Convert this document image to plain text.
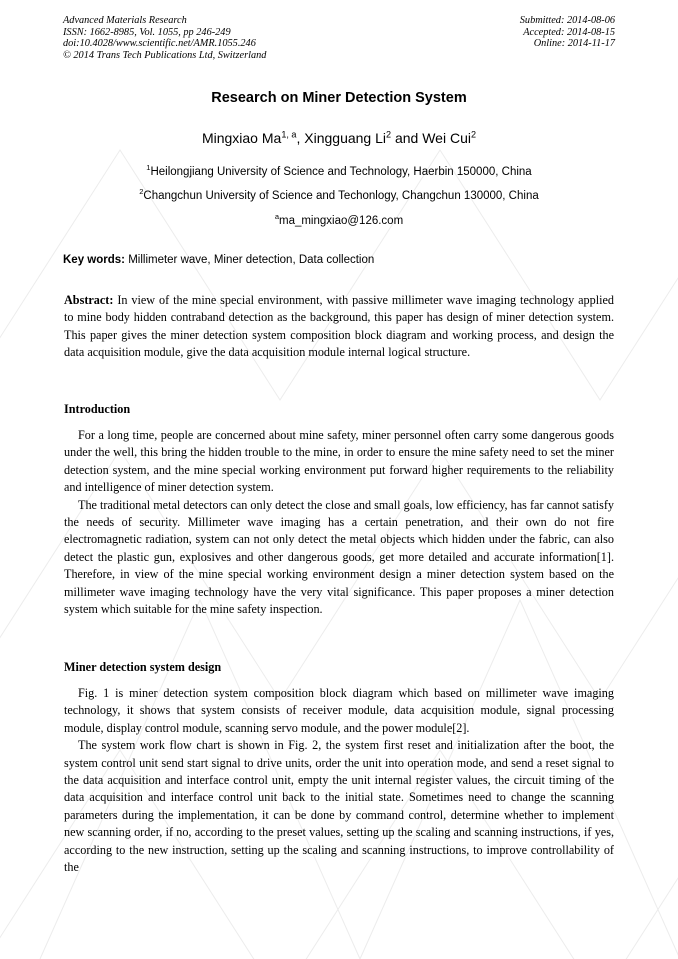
Advanced Materials Research
ISSN: 1662-8985, Vol. 1055, pp 246-249
doi:10.4028/www.scientific.net/AMR.1055.246
© 2014 Trans Tech Publications Ltd, Switzerland
Submitted: 2014-08-06
Accepted: 2014-08-15
Online: 2014-11-17
Research on Miner Detection System
Mingxiao Ma$^{1, a}$, Xingguang Li$^2$ and Wei Cui$^2$
$^1$Heilongjiang University of Science and Technology, Haerbin 150000, China
$^2$Changchun University of Science and Techonlogy, Changchun 130000, China
$^a$ma_mingxiao@126.com
Key words: Millimeter wave, Miner detection, Data collection
Abstract: In view of the mine special environment, with passive millimeter wave imaging technology applied to mine body hidden contraband detection as the background, this paper has design of miner detection system. This paper gives the miner detection system composition block diagram and working process, and design the data acquisition module, give the data acquisition module internal logical structure.
Introduction

For a long time, people are concerned about mine safety, miner personnel often carry some dangerous goods under the well, this bring the hidden trouble to the mine, in order to ensure the mine safety need to set the miner detection system, and the mine special working environment put forward higher requirements to the reliability and intelligence of miner detection system.

The traditional metal detectors can only detect the close and small goals, low efficiency, has far cannot satisfy the needs of security. Millimeter wave imaging has a certain penetration, and their own do not fire electromagnetic radiation, system can not only detect the metal objects which hidden under the fabric, can also detect the plastic gun, explosives and other dangerous goods, get more detailed and accurate information[1]. Therefore, in view of the mine special working environment design a miner detection system based on the millimeter wave imaging technology have the very vital significance. This paper proposes a miner detection system which suitable for the mine safety inspection.

Miner detection system design

Fig. 1 is miner detection system composition block diagram which based on millimeter wave imaging technology, it shows that system consists of receiver module, data acquisition module, signal processing module, display control module, scanning servo module, and the power module[2].

The system work flow chart is shown in Fig. 2, the system first reset and initialization after the boot, the system control unit send start signal to drive units, order the unit into operation mode, and send a reset signal to the data acquisition and interface control unit, empty the unit internal register values, the circuit timing of the data acquisition and interface control unit back to the initial state. Sometimes need to change the scanning parameters during the implementation, it can be done by command control, determine whether to implement new scanning order, if no, according to the preset values, setting up the scaling and scanning instructions, if yes, according to the new instruction, setting up the scaling and scanning instructions, to improve controllability of the
